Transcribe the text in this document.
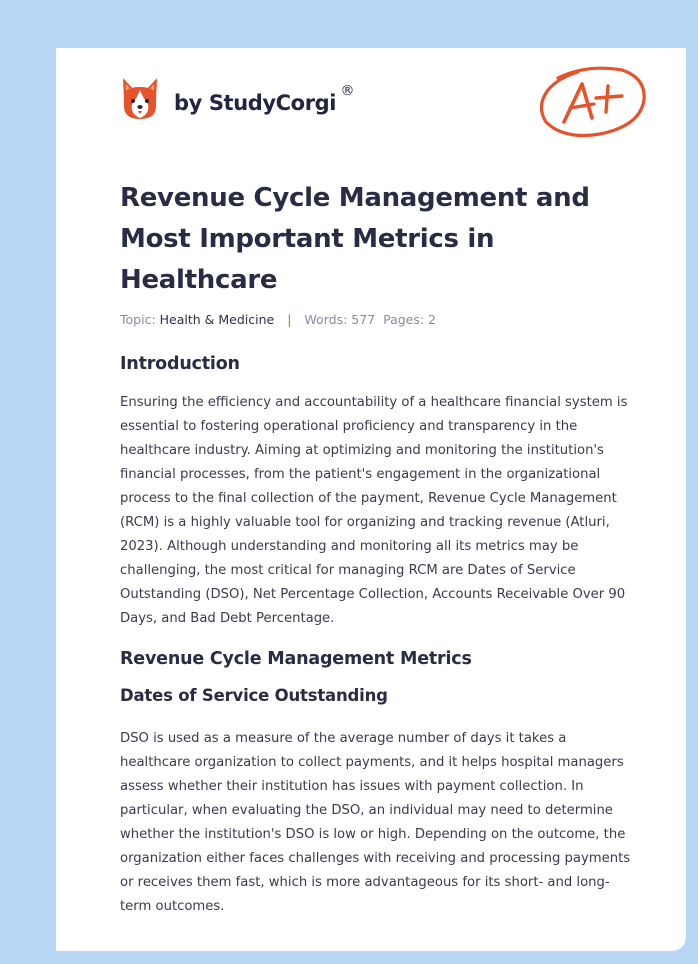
by StudyCorgi ®
Revenue Cycle Management and Most Important Metrics in Healthcare
Topic: Health & Medicine | Words: 577 Pages: 2
Introduction

Ensuring the efficiency and accountability of a healthcare financial system is essential to fostering operational proficiency and transparency in the healthcare industry. Aiming at optimizing and monitoring the institution's financial processes, from the patient's engagement in the organizational process to the final collection of the payment, Revenue Cycle Management (RCM) is a highly valuable tool for organizing and tracking revenue (Atluri, 2023). Although understanding and monitoring all its metrics may be challenging, the most critical for managing RCM are Dates of Service Outstanding (DSO), Net Percentage Collection, Accounts Receivable Over 90 Days, and Bad Debt Percentage.

Revenue Cycle Management Metrics
Dates of Service Outstanding

DSO is used as a measure of the average number of days it takes a healthcare organization to collect payments, and it helps hospital managers assess whether their institution has issues with payment collection. In particular, when evaluating the DSO, an individual may need to determine whether the institution's DSO is low or high. Depending on the outcome, the organization either faces challenges with receiving and processing payments or receives them fast, which is more advantageous for its short- and long-term outcomes.
